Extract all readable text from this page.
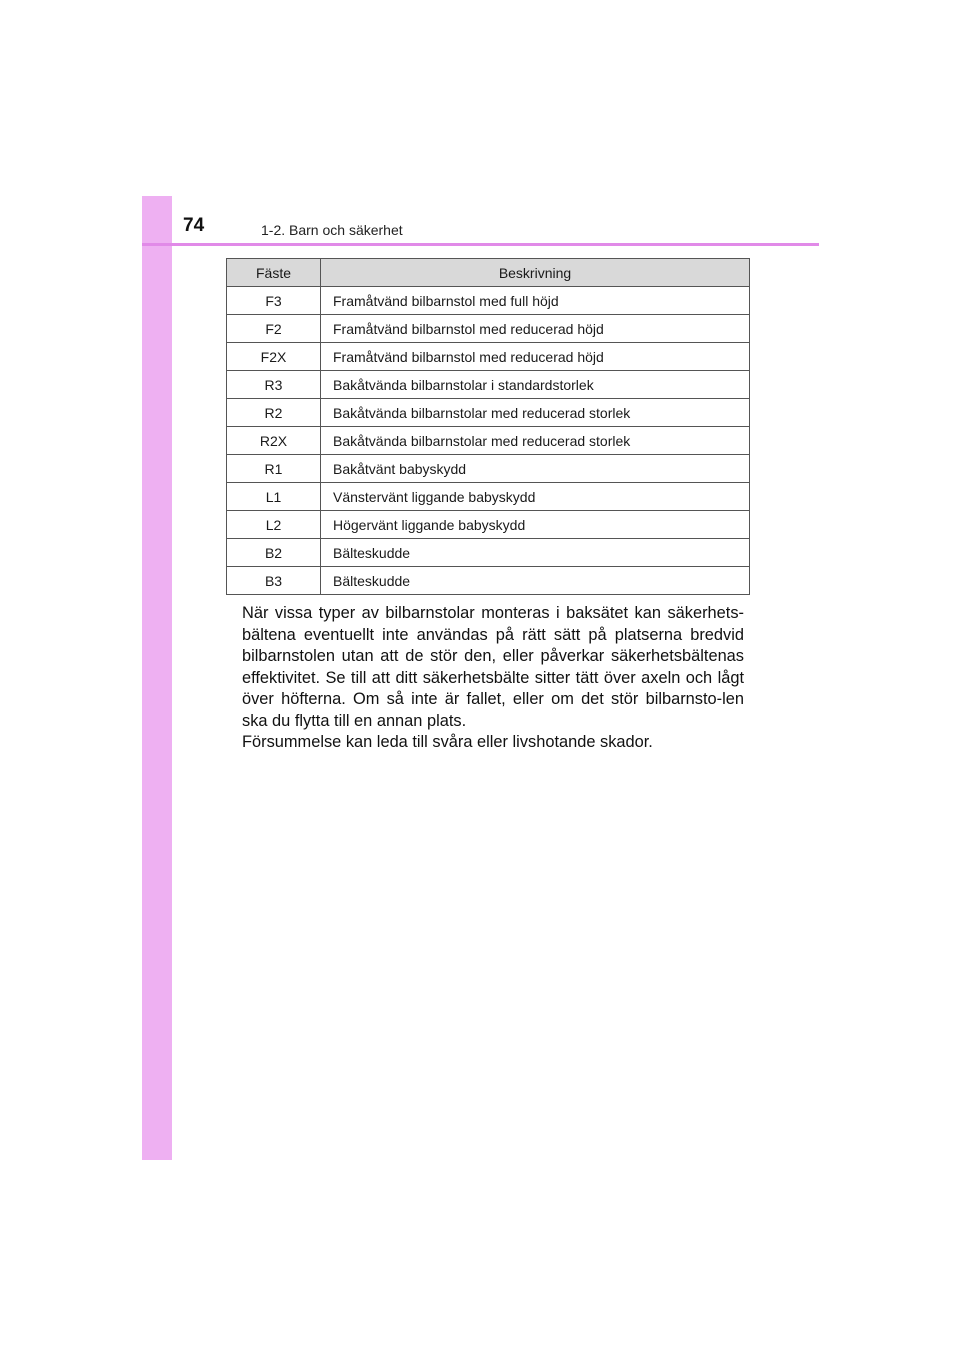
74	1-2. Barn och säkerhet
Fäste	Beskrivning
F3	Framåtvänd bilbarnstol med full höjd
F2	Framåtvänd bilbarnstol med reducerad höjd
F2X	Framåtvänd bilbarnstol med reducerad höjd
R3	Bakåtvända bilbarnstolar i standardstorlek
R2	Bakåtvända bilbarnstolar med reducerad storlek
R2X	Bakåtvända bilbarnstolar med reducerad storlek
R1	Bakåtvänt babyskydd
L1	Vänstervänt liggande babyskydd
L2	Högervänt liggande babyskydd
B2	Bälteskudde
B3	Bälteskudde

När vissa typer av bilbarnstolar monteras i baksätet kan säkerhets-bältena eventuellt inte användas på rätt sätt på platserna bredvid bilbarnstolen utan att de stör den, eller påverkar säkerhetsbältenas effektivitet. Se till att ditt säkerhetsbälte sitter tätt över axeln och lågt över höfterna. Om så inte är fallet, eller om det stör bilbarnsto-len ska du flytta till en annan plats.

Försummelse kan leda till svåra eller livshotande skador.
